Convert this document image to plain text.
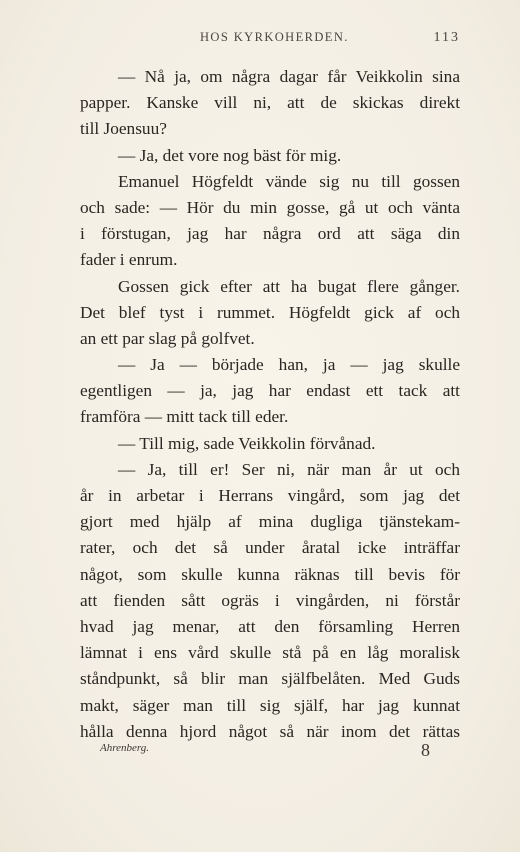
HOS KYRKOHERDEN.	113

— Nå ja, om några dagar får Veikkolin sina

papper. Kanske vill ni, att de skickas direkt

till Joensuu?

— Ja, det vore nog bäst för mig.

Emanuel Högfeldt vände sig nu till gossen

och sade: — Hör du min gosse, gå ut och vänta

i förstugan, jag har några ord att säga din

fader i enrum.

Gossen gick efter att ha bugat flere gånger.

Det blef tyst i rummet. Högfeldt gick af och

an ett par slag på golfvet.

— Ja — började han, ja — jag skulle

egentligen — ja, jag har endast ett tack att

framföra — mitt tack till eder.

— Till mig, sade Veikkolin förvånad.

— Ja, till er! Ser ni, när man år ut och

år in arbetar i Herrans vingård, som jag det

gjort med hjälp af mina dugliga tjänstekam-

rater, och det så under åratal icke inträffar

något, som skulle kunna räknas till bevis för

att fienden sått ogräs i vingården, ni förstår

hvad jag menar, att den församling Herren

lämnat i ens vård skulle stå på en låg moralisk

ståndpunkt, så blir man själfbelåten. Med Guds

makt, säger man till sig själf, har jag kunnat

hålla denna hjord något så när inom det rättas

Ahrenberg.	8
